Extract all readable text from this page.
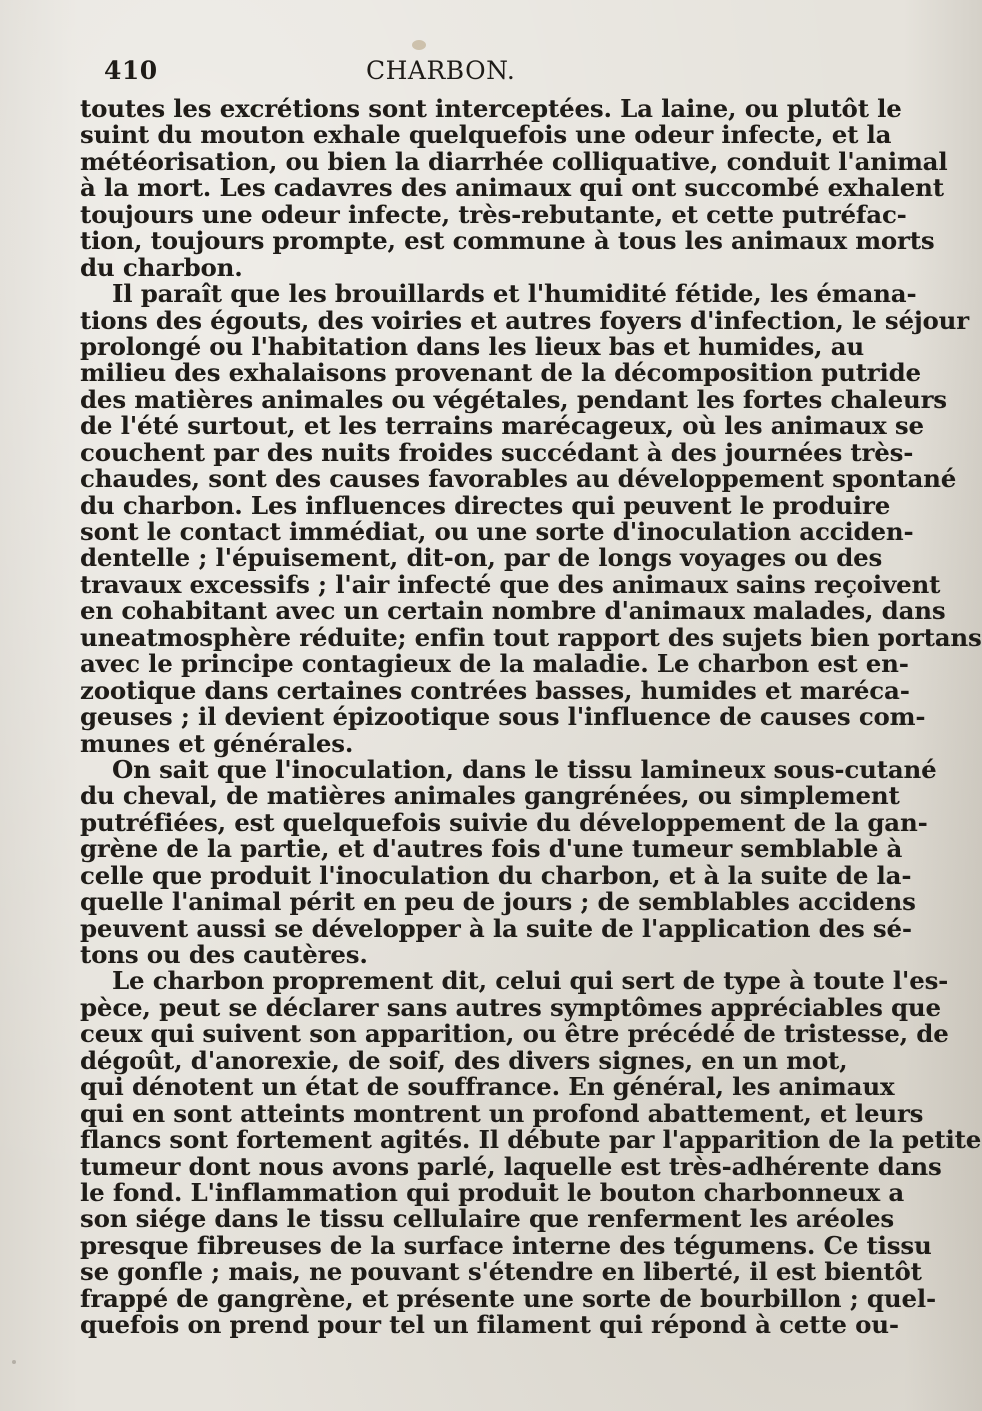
410	CHARBON.
toutes les excrétions sont interceptées. La laine, ou plutôt le
suint du mouton exhale quelquefois une odeur infecte, et la
météorisation, ou bien la diarrhée colliquative, conduit l'animal
à la mort. Les cadavres des animaux qui ont succombé exhalent
toujours une odeur infecte, très-rebutante, et cette putréfac-
tion, toujours prompte, est commune à tous les animaux morts
du charbon.
Il paraît que les brouillards et l'humidité fétide, les émana-
tions des égouts, des voiries et autres foyers d'infection, le séjour
prolongé ou l'habitation dans les lieux bas et humides, au
milieu des exhalaisons provenant de la décomposition putride
des matières animales ou végétales, pendant les fortes chaleurs
de l'été surtout, et les terrains marécageux, où les animaux se
couchent par des nuits froides succédant à des journées très-
chaudes, sont des causes favorables au développement spontané
du charbon. Les influences directes qui peuvent le produire
sont le contact immédiat, ou une sorte d'inoculation acciden-
dentelle ; l'épuisement, dit-on, par de longs voyages ou des
travaux excessifs ; l'air infecté que des animaux sains reçoivent
en cohabitant avec un certain nombre d'animaux malades, dans
uneatmosphère réduite; enfin tout rapport des sujets bien portans
avec le principe contagieux de la maladie. Le charbon est en-
zootique dans certaines contrées basses, humides et maréca-
geuses ; il devient épizootique sous l'influence de causes com-
munes et générales.
On sait que l'inoculation, dans le tissu lamineux sous-cutané
du cheval, de matières animales gangrénées, ou simplement
putréfiées, est quelquefois suivie du développement de la gan-
grène de la partie, et d'autres fois d'une tumeur semblable à
celle que produit l'inoculation du charbon, et à la suite de la-
quelle l'animal périt en peu de jours ; de semblables accidens
peuvent aussi se développer à la suite de l'application des sé-
tons ou des cautères.
Le charbon proprement dit, celui qui sert de type à toute l'es-
pèce, peut se déclarer sans autres symptômes appréciables que
ceux qui suivent son apparition, ou être précédé de tristesse, de
dégoût, d'anorexie, de soif, des divers signes, en un mot,
qui dénotent un état de souffrance. En général, les animaux
qui en sont atteints montrent un profond abattement, et leurs
flancs sont fortement agités. Il débute par l'apparition de la petite
tumeur dont nous avons parlé, laquelle est très-adhérente dans
le fond. L'inflammation qui produit le bouton charbonneux a
son siége dans le tissu cellulaire que renferment les aréoles
presque fibreuses de la surface interne des tégumens. Ce tissu
se gonfle ; mais, ne pouvant s'étendre en liberté, il est bientôt
frappé de gangrène, et présente une sorte de bourbillon ; quel-
quefois on prend pour tel un filament qui répond à cette ou-
